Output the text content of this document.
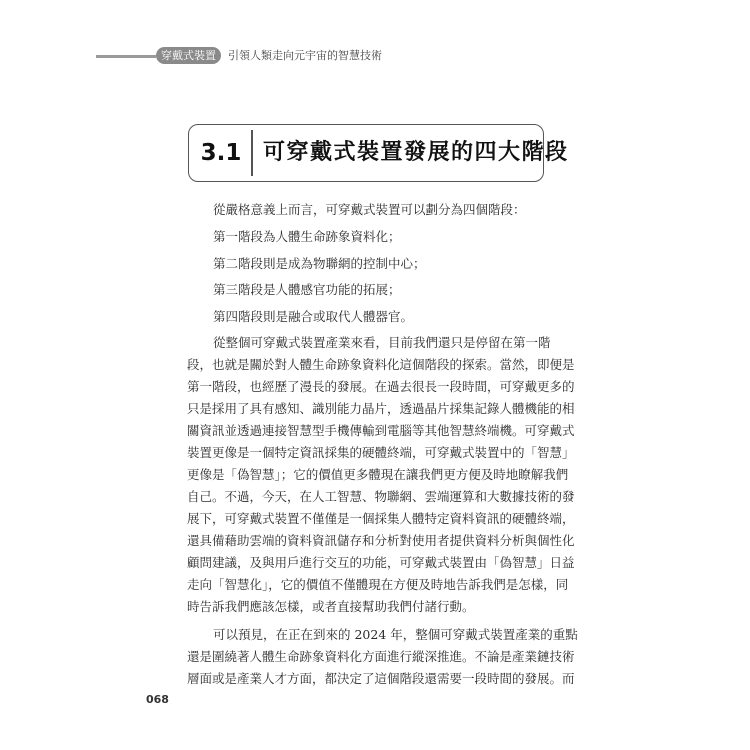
穿戴式裝置	引領人類走向元宇宙的智慧技術
3.1 可穿戴式裝置發展的四大階段
從嚴格意義上而言，可穿戴式裝置可以劃分為四個階段：
第一階段為人體生命跡象資料化；
第二階段則是成為物聯網的控制中心；
第三階段是人體感官功能的拓展；
第四階段則是融合或取代人體器官。
從整個可穿戴式裝置產業來看，目前我們還只是停留在第一階
段，也就是關於對人體生命跡象資料化這個階段的探索。當然，即便是
第一階段，也經歷了漫長的發展。在過去很長一段時間，可穿戴更多的
只是採用了具有感知、識別能力晶片，透過晶片採集記錄人體機能的相
關資訊並透過連接智慧型手機傳輸到電腦等其他智慧終端機。可穿戴式
裝置更像是一個特定資訊採集的硬體終端，可穿戴式裝置中的「智慧」
更像是「偽智慧」；它的價值更多體現在讓我們更方便及時地瞭解我們
自己。不過，今天，在人工智慧、物聯網、雲端運算和大數據技術的發
展下，可穿戴式裝置不僅僅是一個採集人體特定資料資訊的硬體終端，
還具備藉助雲端的資料資訊儲存和分析對使用者提供資料分析與個性化
顧問建議，及與用戶進行交互的功能，可穿戴式裝置由「偽智慧」日益
走向「智慧化」，它的價值不僅體現在方便及時地告訴我們是怎樣，同
時告訴我們應該怎樣，或者直接幫助我們付諸行動。
可以預見，在正在到來的 2024 年，整個可穿戴式裝置產業的重點
還是圍繞著人體生命跡象資料化方面進行縱深推進。不論是產業鏈技術
層面或是產業人才方面，都決定了這個階段還需要一段時間的發展。而
068
